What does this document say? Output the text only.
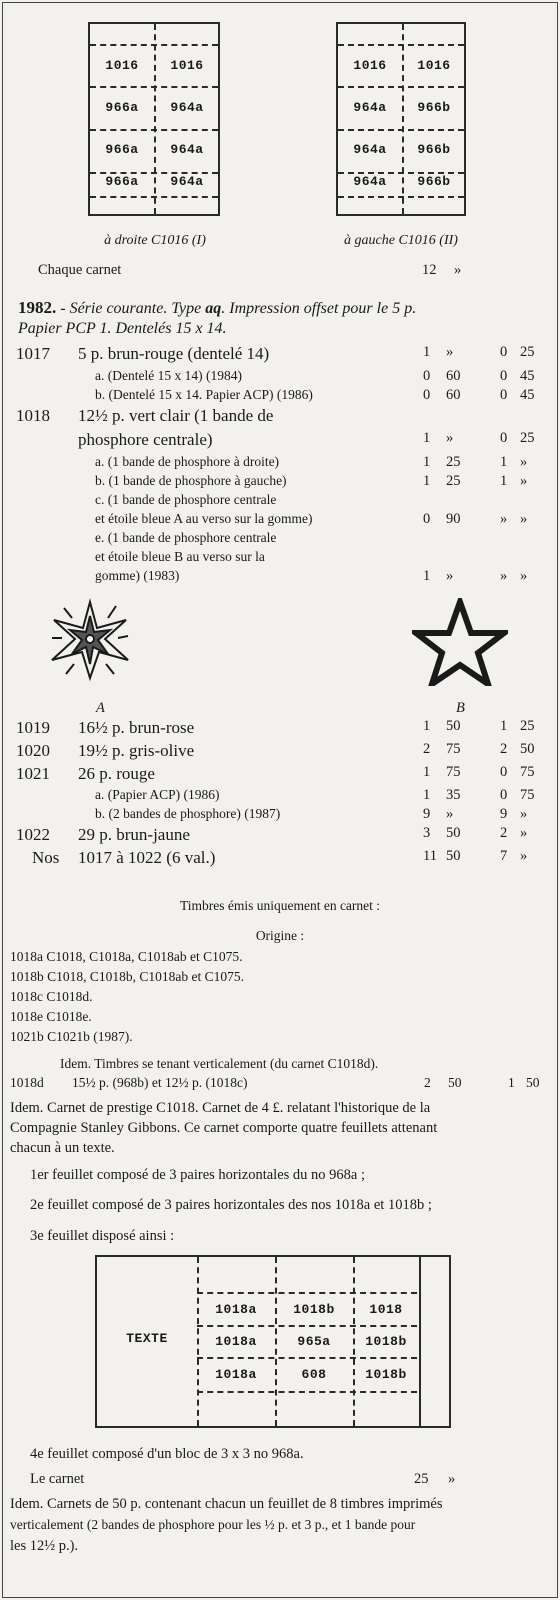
1016	1016
966a	964a
966a	964a
966a	964a
à droite C1016 (I)
1016	1016
964a	966b
964a	966b
964a	966b
à gauche C1016 (II)
Chaque carnet	12 »
1982. - Série courante. Type aq. Impression offset pour le 5 p.
Papier PCP 1. Dentelés 15 x 14.
1017 5 p. brun-rouge (dentelé 14)	1 »	0 25
a. (Dentelé 15 x 14) (1984)	0 60	0 45
b. (Dentelé 15 x 14. Papier ACP) (1986)	0 60	0 45
1018 12½ p. vert clair (1 bande de
phosphore centrale)	1 »	0 25
a. (1 bande de phosphore à droite)	1 25	1 »
b. (1 bande de phosphore à gauche)	1 25	1 »
c. (1 bande de phosphore centrale
et étoile bleue A au verso sur la gomme)	0 90	» »
e. (1 bande de phosphore centrale
et étoile bleue B au verso sur la
gomme) (1983)	1 »	» »
A	B
1019 16½ p. brun-rose	1 50	1 25
1020 19½ p. gris-olive	2 75	2 50
1021 26 p. rouge	1 75	0 75
a. (Papier ACP) (1986)	1 35	0 75
b. (2 bandes de phosphore) (1987)	9 »	9 »
1022 29 p. brun-jaune	3 50	2 »
Nos 1017 à 1022 (6 val.)	11 50	7 »
Timbres émis uniquement en carnet :
Origine :
1018a C1018, C1018a, C1018ab et C1075.
1018b C1018, C1018b, C1018ab et C1075.
1018c C1018d.
1018e C1018e.
1021b C1021b (1987).
Idem. Timbres se tenant verticalement (du carnet C1018d).
1018d 15½ p. (968b) et 12½ p. (1018c)	2 50	1 50
Idem. Carnet de prestige C1018. Carnet de 4 £. relatant l'historique de la
Compagnie Stanley Gibbons. Ce carnet comporte quatre feuillets attenant
chacun à un texte.
1er feuillet composé de 3 paires horizontales du no 968a ;
2e feuillet composé de 3 paires horizontales des nos 1018a et 1018b ;
3e feuillet disposé ainsi :
TEXTE
1018a	1018b	1018
1018a	965a	1018b
1018a	608	1018b
4e feuillet composé d'un bloc de 3 x 3 no 968a.
Le carnet	25 »
Idem. Carnets de 50 p. contenant chacun un feuillet de 8 timbres imprimés
verticalement (2 bandes de phosphore pour les ½ p. et 3 p., et 1 bande pour
les 12½ p.).
